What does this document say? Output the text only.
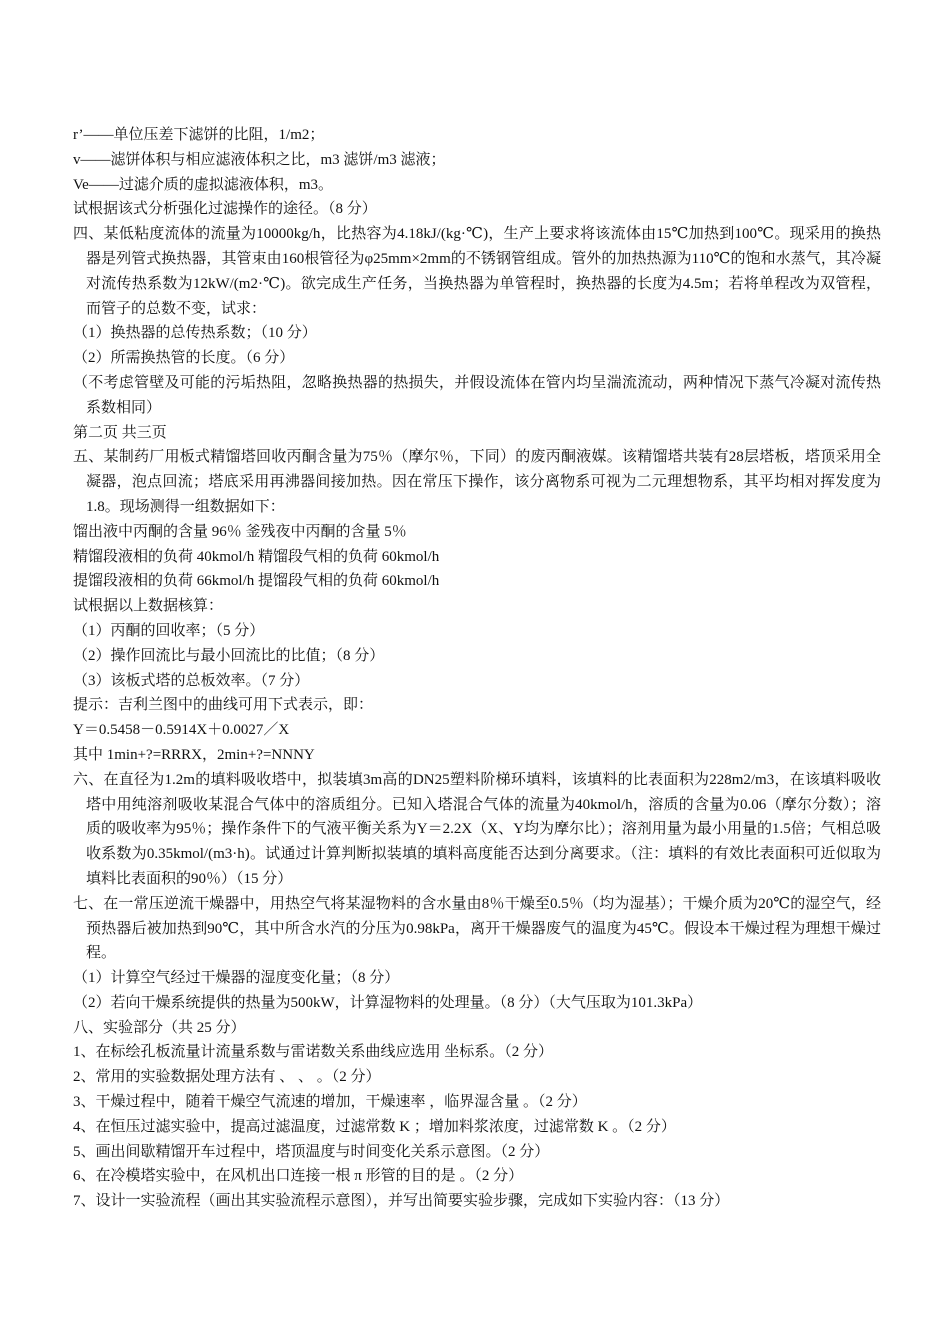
r’——单位压差下滤饼的比阻，1/m2；

v——滤饼体积与相应滤液体积之比，m3 滤饼/m3 滤液；

Ve——过滤介质的虚拟滤液体积，m3。

试根据该式分析强化过滤操作的途径。（8 分）

四、某低粘度流体的流量为10000kg/h，比热容为4.18kJ/(kg·℃)，生产上要求将该流体由15℃加热到100℃。现采用的换热器是列管式换热器，其管束由160根管径为φ25mm×2mm的不锈钢管组成。管外的加热热源为110℃的饱和水蒸气，其冷凝对流传热系数为12kW/(m2·℃)。欲完成生产任务，当换热器为单管程时，换热器的长度为4.5m；若将单程改为双管程，而管子的总数不变，试求：

（1）换热器的总传热系数；（10 分）

（2）所需换热管的长度。（6 分）

（不考虑管壁及可能的污垢热阻，忽略换热器的热损失，并假设流体在管内均呈湍流流动，两种情况下蒸气冷凝对流传热系数相同）

第二页 共三页

五、某制药厂用板式精馏塔回收丙酮含量为75％（摩尔％，下同）的废丙酮液媒。该精馏塔共装有28层塔板，塔顶采用全凝器，泡点回流；塔底采用再沸器间接加热。因在常压下操作，该分离物系可视为二元理想物系，其平均相对挥发度为1.8。现场测得一组数据如下：

馏出液中丙酮的含量 96％ 釜残夜中丙酮的含量 5％

精馏段液相的负荷 40kmol/h 精馏段气相的负荷 60kmol/h

提馏段液相的负荷 66kmol/h 提馏段气相的负荷 60kmol/h

试根据以上数据核算：

（1）丙酮的回收率；（5 分）

（2）操作回流比与最小回流比的比值；（8 分）

（3）该板式塔的总板效率。（7 分）

提示：吉利兰图中的曲线可用下式表示，即：

Y＝0.5458－0.5914X＋0.0027／X

其中 1min+?=RRRX，2min+?=NNNY

六、在直径为1.2m的填料吸收塔中，拟装填3m高的DN25塑料阶梯环填料，该填料的比表面积为228m2/m3，在该填料吸收塔中用纯溶剂吸收某混合气体中的溶质组分。已知入塔混合气体的流量为40kmol/h，溶质的含量为0.06（摩尔分数）；溶质的吸收率为95％；操作条件下的气液平衡关系为Y＝2.2X（X、Y均为摩尔比）；溶剂用量为最小用量的1.5倍；气相总吸收系数为0.35kmol/(m3·h)。试通过计算判断拟装填的填料高度能否达到分离要求。（注：填料的有效比表面积可近似取为填料比表面积的90％）（15 分）

七、在一常压逆流干燥器中，用热空气将某湿物料的含水量由8％干燥至0.5％（均为湿基）；干燥介质为20℃的湿空气，经预热器后被加热到90℃，其中所含水汽的分压为0.98kPa，离开干燥器废气的温度为45℃。假设本干燥过程为理想干燥过程。

（1）计算空气经过干燥器的湿度变化量；（8 分）

（2）若向干燥系统提供的热量为500kW，计算湿物料的处理量。（8 分）（大气压取为101.3kPa）

八、实验部分（共 25 分）

1、在标绘孔板流量计流量系数与雷诺数关系曲线应选用 坐标系。（2 分）

2、常用的实验数据处理方法有 、 、 。（2 分）

3、干燥过程中，随着干燥空气流速的增加，干燥速率 ，临界湿含量 。（2 分）

4、在恒压过滤实验中，提高过滤温度，过滤常数 K ；增加料浆浓度，过滤常数 K 。（2 分）

5、画出间歇精馏开车过程中，塔顶温度与时间变化关系示意图。（2 分）

6、在冷模塔实验中，在风机出口连接一根 π 形管的目的是 。（2 分）

7、设计一实验流程（画出其实验流程示意图），并写出简要实验步骤，完成如下实验内容：（13 分）
